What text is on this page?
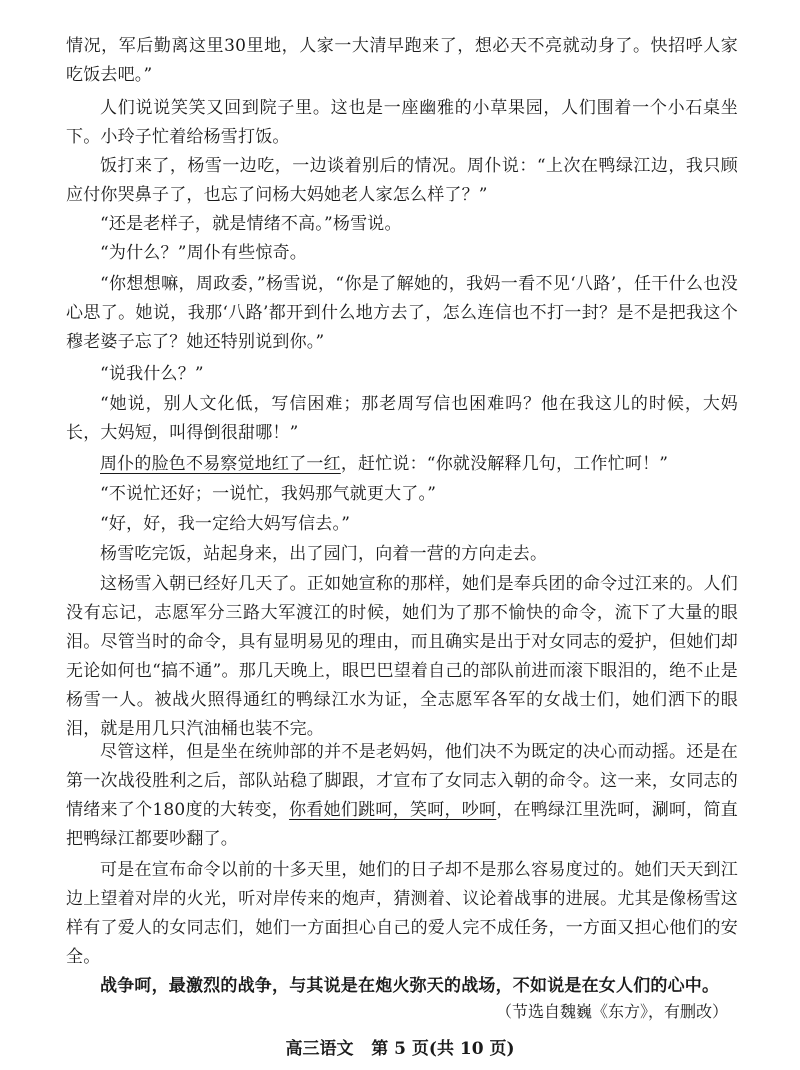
情况，军后勤离这里30里地，人家一大清早跑来了，想必天不亮就动身了。快招呼人家吃饭去吧。”

人们说说笑笑又回到院子里。这也是一座幽雅的小草果园，人们围着一个小石桌坐下。小玲子忙着给杨雪打饭。

饭打来了，杨雪一边吃，一边谈着别后的情况。周仆说：“上次在鸭绿江边，我只顾应付你哭鼻子了，也忘了问杨大妈她老人家怎么样了？”

“还是老样子，就是情绪不高。”杨雪说。

“为什么？”周仆有些惊奇。

“你想想嘛，周政委，”杨雪说，“你是了解她的，我妈一看不见‘八路’，任干什么也没心思了。她说，我那‘八路’都开到什么地方去了，怎么连信也不打一封？是不是把我这个穆老婆子忘了？她还特别说到你。”

“说我什么？”

“她说，别人文化低，写信困难；那老周写信也困难吗？他在我这儿的时候，大妈长，大妈短，叫得倒很甜哪！”

周仆的脸色不易察觉地红了一红，赶忙说：“你就没解释几句，工作忙呵！”

“不说忙还好；一说忙，我妈那气就更大了。”

“好，好，我一定给大妈写信去。”

杨雪吃完饭，站起身来，出了园门，向着一营的方向走去。

这杨雪入朝已经好几天了。正如她宣称的那样，她们是奉兵团的命令过江来的。人们没有忘记，志愿军分三路大军渡江的时候，她们为了那不愉快的命令，流下了大量的眼泪。尽管当时的命令，具有显明易见的理由，而且确实是出于对女同志的爱护，但她们却无论如何也“搞不通”。那几天晚上，眼巴巴望着自己的部队前进而滚下眼泪的，绝不止是杨雪一人。被战火照得通红的鸭绿江水为证，全志愿军各军的女战士们，她们洒下的眼泪，就是用几只汽油桶也装不完。

尽管这样，但是坐在统帅部的并不是老妈妈，他们决不为既定的决心而动摇。还是在第一次战役胜利之后，部队站稳了脚跟，才宣布了女同志入朝的命令。这一来，女同志的情绪来了个180度的大转变，你看她们跳呵，笑呵，吵呵，在鸭绿江里洗呵，涮呵，简直把鸭绿江都要吵翻了。

可是在宣布命令以前的十多天里，她们的日子却不是那么容易度过的。她们天天到江边上望着对岸的火光，听对岸传来的炮声，猜测着、议论着战事的进展。尤其是像杨雪这样有了爱人的女同志们，她们一方面担心自己的爱人完不成任务，一方面又担心他们的安全。

战争呵，最激烈的战争，与其说是在炮火弥天的战场，不如说是在女人们的心中。

（节选自魏巍《东方》，有删改）

高三语文 第 5 页(共 10 页)
